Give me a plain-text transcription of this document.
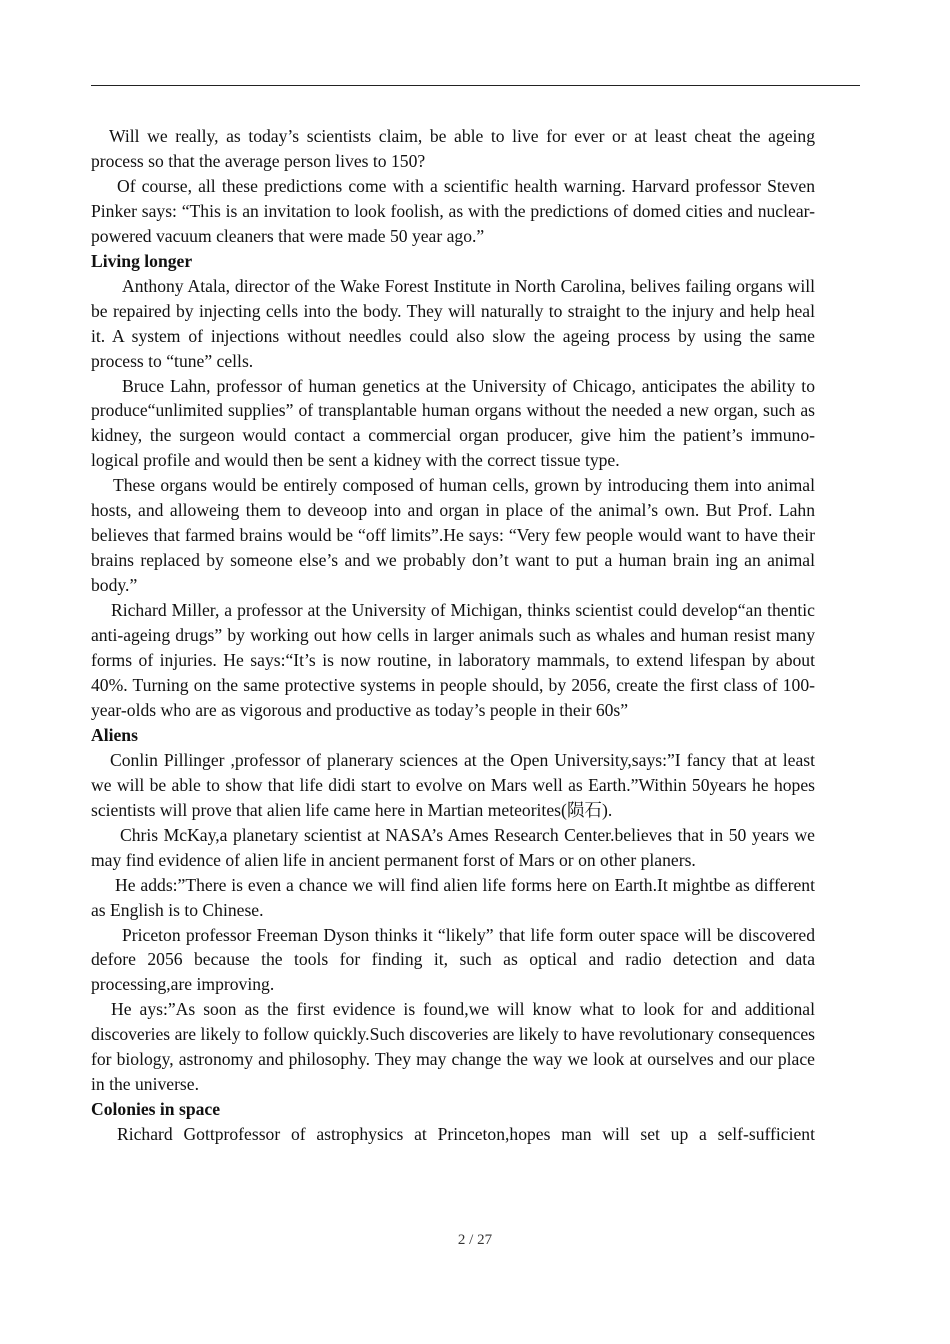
Will we really, as today’s scientists claim, be able to live for ever or at least cheat the ageing process so that the average person lives to 150?

Of course, all these predictions come with a scientific health warning. Harvard professor Steven Pinker says: “This is an invitation to look foolish, as with the predictions of domed cities and nuclear-powered vacuum cleaners that were made 50 year ago.”

Living longer

Anthony Atala, director of the Wake Forest Institute in North Carolina, belives failing organs will be repaired by injecting cells into the body. They will naturally to straight to the injury and help heal it. A system of injections without needles could also slow the ageing process by using the same process to “tune” cells.

Bruce Lahn, professor of human genetics at the University of Chicago, anticipates the ability to produce“unlimited supplies” of transplantable human organs without the needed a new organ, such as kidney, the surgeon would contact a commercial organ producer, give him the patient’s immuno-logical profile and would then be sent a kidney with the correct tissue type.

These organs would be entirely composed of human cells, grown by introducing them into animal hosts, and alloweing them to deveoop into and organ in place of the animal’s own. But Prof. Lahn believes that farmed brains would be “off limits”.He says: “Very few people would want to have their brains replaced by someone else’s and we probably don’t want to put a human brain ing an animal body.”

Richard Miller, a professor at the University of Michigan, thinks scientist could develop“an thentic anti-ageing drugs” by working out how cells in larger animals such as whales and human resist many forms of injuries. He says:“It’s is now routine, in laboratory mammals, to extend lifespan by about 40%. Turning on the same protective systems in people should, by 2056, create the first class of 100-year-olds who are as vigorous and productive as today’s people in their 60s”

Aliens

Conlin Pillinger ,professor of planerary sciences at the Open University,says:”I fancy that at least we will be able to show that life didi start to evolve on Mars well as Earth.”Within 50years he hopes scientists will prove that alien life came here in Martian meteorites(陨石).

Chris McKay,a planetary scientist at NASA’s Ames Research Center.believes that in 50 years we may find evidence of alien life in ancient permanent forst of Mars or on other planers.

He adds:”There is even a chance we will find alien life forms here on Earth.It mightbe as different as English is to Chinese.

Priceton professor Freeman Dyson thinks it “likely” that life form outer space will be discovered defore 2056 because the tools for finding it, such as optical and radio detection and data processing,are improving.

He ays:”As soon as the first evidence is found,we will know what to look for and additional discoveries are likely to follow quickly.Such discoveries are likely to have revolutionary consequences for biology, astronomy and philosophy. They may change the way we look at ourselves and our place in the universe.

Colonies in space

Richard Gottprofessor of astrophysics at Princeton,hopes man will set up a self-sufficient

2 / 27
